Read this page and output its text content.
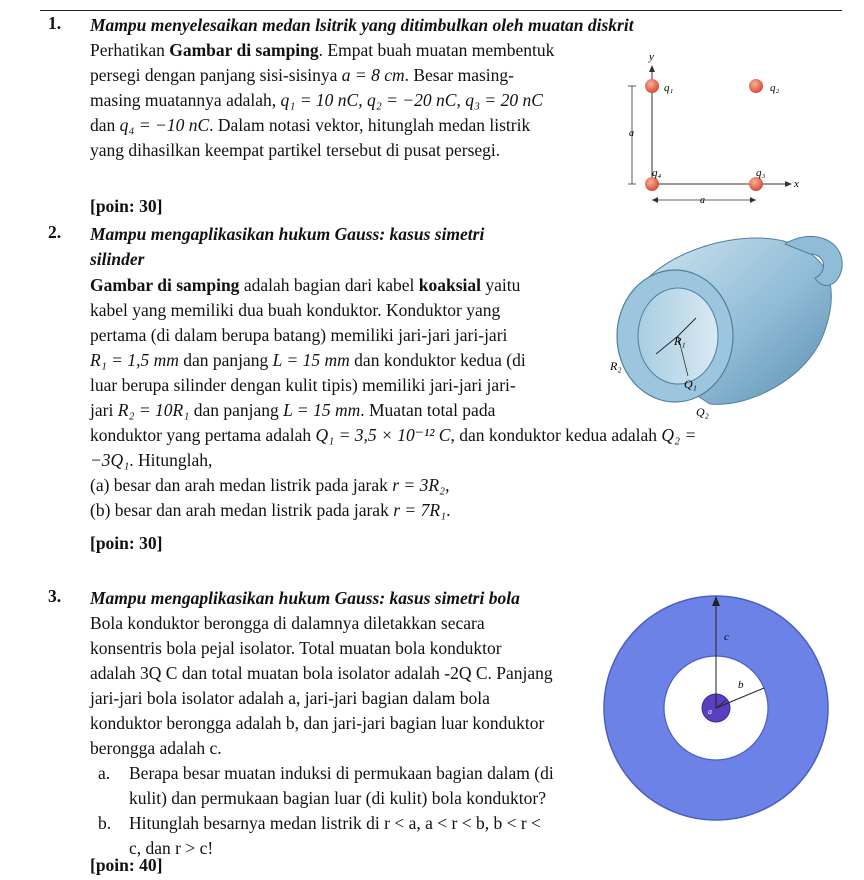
1. Mampu menyelesaikan medan lsitrik yang ditimbulkan oleh muatan diskrit
Perhatikan Gambar di samping. Empat buah muatan membentuk
persegi dengan panjang sisi-sisinya a = 8 cm. Besar masing-
masing muatannya adalah, q₁ = 10 nC, q₂ = −20 nC, q₃ = 20 nC
dan q₄ = −10 nC. Dalam notasi vektor, hitunglah medan listrik
yang dihasilkan keempat partikel tersebut di pusat persegi.
[poin: 30]
y
x
a
a
q₁	q₂
q₃
q₄
2. Mampu mengaplikasikan hukum Gauss: kasus simetri
silinder
Gambar di samping adalah bagian dari kabel koaksial yaitu
kabel yang memiliki dua buah konduktor. Konduktor yang
pertama (di dalam berupa batang) memiliki jari-jari jari-jari
R₁ = 1,5 mm dan panjang L = 15 mm dan konduktor kedua (di
luar berupa silinder dengan kulit tipis) memiliki jari-jari jari-
jari R₂ = 10R₁ dan panjang L = 15 mm. Muatan total pada
konduktor yang pertama adalah Q₁ = 3,5 × 10⁻¹² C, dan konduktor kedua adalah Q₂ =
−3Q₁. Hitunglah,
(a) besar dan arah medan listrik pada jarak r = 3R₂,
(b) besar dan arah medan listrik pada jarak r = 7R₁.
[poin: 30]
R₁
R₂
Q₁
Q₂
3. Mampu mengaplikasikan hukum Gauss: kasus simetri bola
Bola konduktor berongga di dalamnya diletakkan secara
konsentris bola pejal isolator. Total muatan bola konduktor
adalah 3Q C dan total muatan bola isolator adalah -2Q C. Panjang
jari-jari bola isolator adalah a, jari-jari bagian dalam bola
konduktor berongga adalah b, dan jari-jari bagian luar konduktor
berongga adalah c.
a. Berapa besar muatan induksi di permukaan bagian dalam (di
kulit) dan permukaan bagian luar (di kulit) bola konduktor?
b. Hitunglah besarnya medan listrik di r < a, a < r < b, b < r <
c, dan r > c!
[poin: 40]
c
b
a
